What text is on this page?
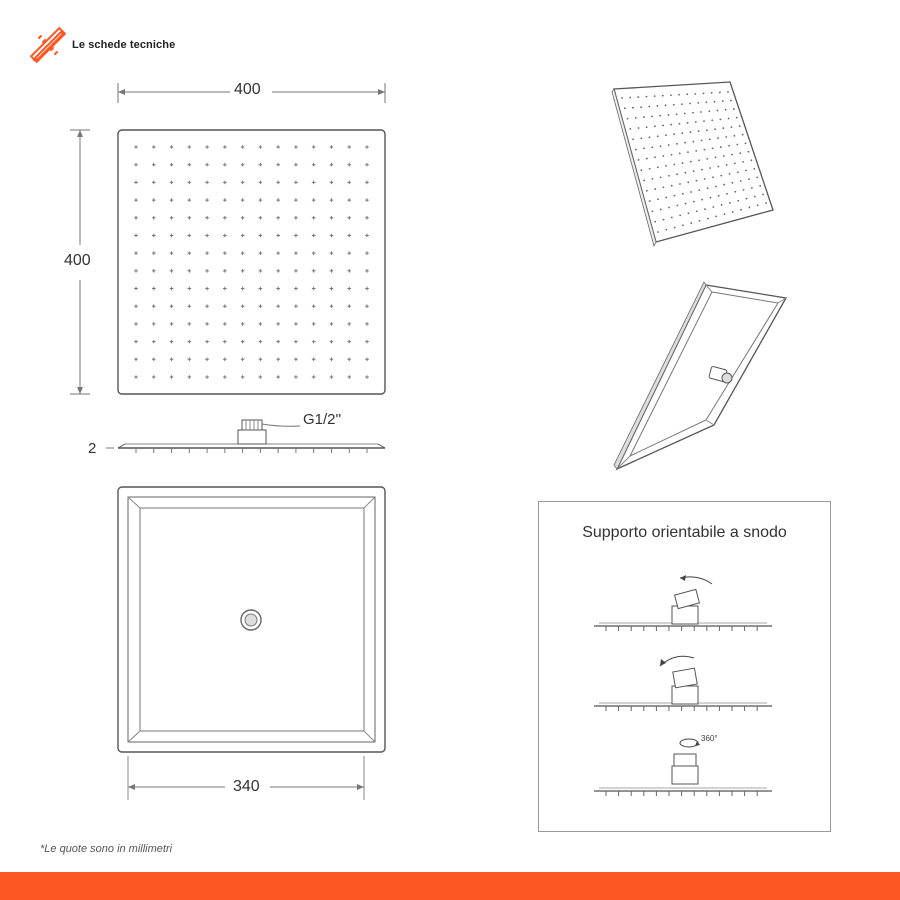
Le schede tecniche
400
400
G1/2''
2
340
Supporto orientabile a snodo
360°
*Le quote sono in millimetri
